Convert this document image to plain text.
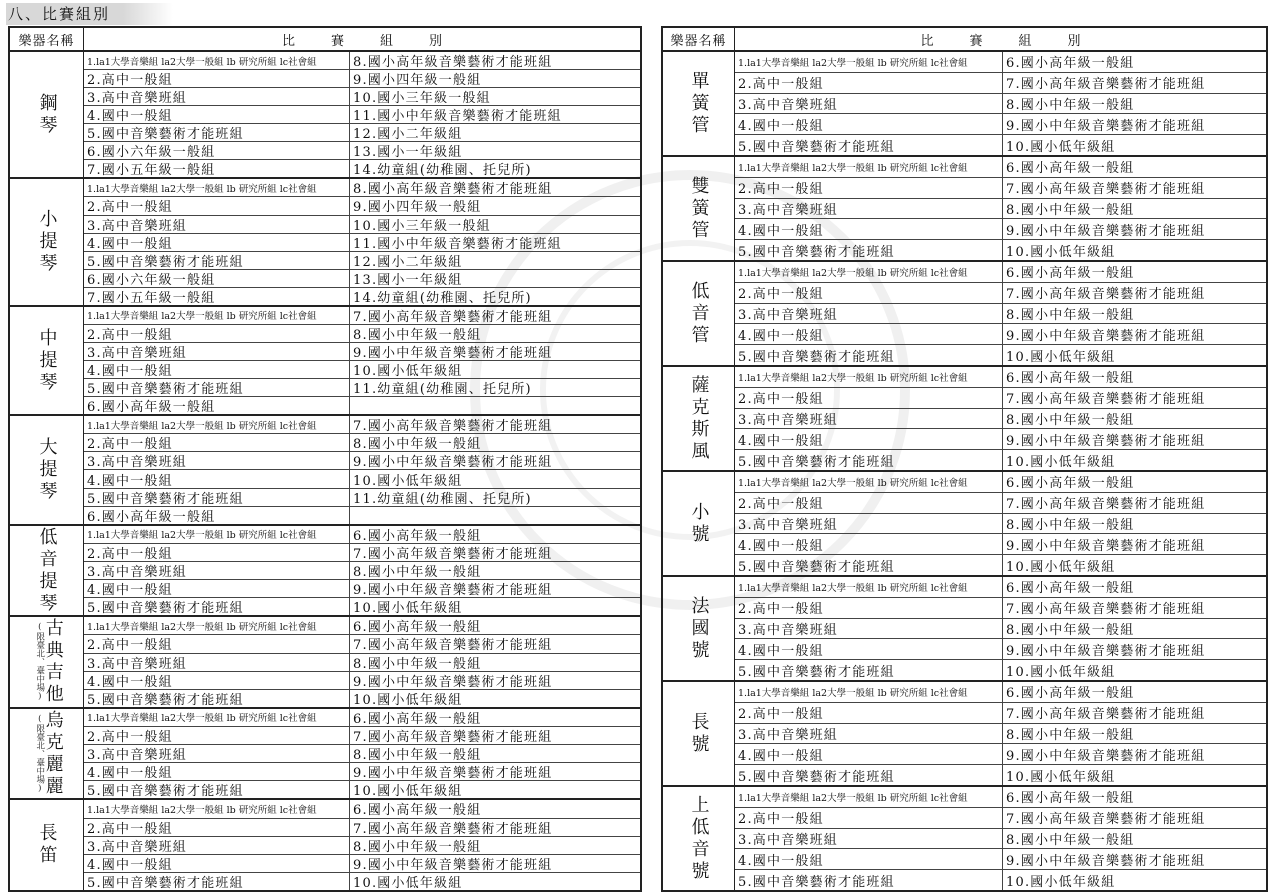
八、比賽組別
樂器名稱	比賽組別
鋼琴
1.la1大學音樂組 la2大學一般組 lb 研究所組 lc社會組	8.國小高年級音樂藝術才能班組
2.高中一般組	9.國小四年級一般組
3.高中音樂班組	10.國小三年級一般組
4.國中一般組	11.國小中年級音樂藝術才能班組
5.國中音樂藝術才能班組	12.國小二年級組
6.國小六年級一般組	13.國小一年級組
7.國小五年級一般組	14.幼童組(幼稚園、托兒所)
小提琴
1.la1大學音樂組 la2大學一般組 lb 研究所組 lc社會組	8.國小高年級音樂藝術才能班組
2.高中一般組	9.國小四年級一般組
3.高中音樂班組	10.國小三年級一般組
4.國中一般組	11.國小中年級音樂藝術才能班組
5.國中音樂藝術才能班組	12.國小二年級組
6.國小六年級一般組	13.國小一年級組
7.國小五年級一般組	14.幼童組(幼稚園、托兒所)
中提琴
1.la1大學音樂組 la2大學一般組 lb 研究所組 lc社會組	7.國小高年級音樂藝術才能班組
2.高中一般組	8.國小中年級一般組
3.高中音樂班組	9.國小中年級音樂藝術才能班組
4.國中一般組	10.國小低年級組
5.國中音樂藝術才能班組	11.幼童組(幼稚園、托兒所)
6.國小高年級一般組
大提琴
1.la1大學音樂組 la2大學一般組 lb 研究所組 lc社會組	7.國小高年級音樂藝術才能班組
2.高中一般組	8.國小中年級一般組
3.高中音樂班組	9.國小中年級音樂藝術才能班組
4.國中一般組	10.國小低年級組
5.國中音樂藝術才能班組	11.幼童組(幼稚園、托兒所)
6.國小高年級一般組
低音提琴	1.la1大學音樂組 la2大學一般組 lb 研究所組 lc社會組	6.國小高年級一般組
2.高中一般組	7.國小高年級音樂藝術才能班組
3.高中音樂班組	8.國小中年級一般組
4.國中一般組	9.國小中年級音樂藝術才能班組
5.國中音樂藝術才能班組	10.國小低年級組
古典吉他
(限臺北、臺中場)	1.la1大學音樂組 la2大學一般組 lb 研究所組 lc社會組	6.國小高年級一般組
2.高中一般組	7.國小高年級音樂藝術才能班組
3.高中音樂班組	8.國小中年級一般組
4.國中一般組	9.國小中年級音樂藝術才能班組
5.國中音樂藝術才能班組	10.國小低年級組
烏克麗麗
(限臺北、臺中場)	1.la1大學音樂組 la2大學一般組 lb 研究所組 lc社會組	6.國小高年級一般組
2.高中一般組	7.國小高年級音樂藝術才能班組
3.高中音樂班組	8.國小中年級一般組
4.國中一般組	9.國小中年級音樂藝術才能班組
5.國中音樂藝術才能班組	10.國小低年級組
長笛
1.la1大學音樂組 la2大學一般組 lb 研究所組 lc社會組	6.國小高年級一般組
2.高中一般組	7.國小高年級音樂藝術才能班組
3.高中音樂班組	8.國小中年級一般組
4.國中一般組	9.國小中年級音樂藝術才能班組
5.國中音樂藝術才能班組	10.國小低年級組
樂器名稱	比賽組別
單簧管
1.la1大學音樂組 la2大學一般組 lb 研究所組 lc社會組	6.國小高年級一般組
2.高中一般組	7.國小高年級音樂藝術才能班組
3.高中音樂班組	8.國小中年級一般組
4.國中一般組	9.國小中年級音樂藝術才能班組
5.國中音樂藝術才能班組	10.國小低年級組
雙簧管
1.la1大學音樂組 la2大學一般組 lb 研究所組 lc社會組	6.國小高年級一般組
2.高中一般組	7.國小高年級音樂藝術才能班組
3.高中音樂班組	8.國小中年級一般組
4.國中一般組	9.國小中年級音樂藝術才能班組
5.國中音樂藝術才能班組	10.國小低年級組
低音管
1.la1大學音樂組 la2大學一般組 lb 研究所組 lc社會組	6.國小高年級一般組
2.高中一般組	7.國小高年級音樂藝術才能班組
3.高中音樂班組	8.國小中年級一般組
4.國中一般組	9.國小中年級音樂藝術才能班組
5.國中音樂藝術才能班組	10.國小低年級組
薩克斯風	1.la1大學音樂組 la2大學一般組 lb 研究所組 lc社會組	6.國小高年級一般組
2.高中一般組	7.國小高年級音樂藝術才能班組
3.高中音樂班組	8.國小中年級一般組
4.國中一般組	9.國小中年級音樂藝術才能班組
5.國中音樂藝術才能班組	10.國小低年級組
小號
1.la1大學音樂組 la2大學一般組 lb 研究所組 lc社會組	6.國小高年級一般組
2.高中一般組	7.國小高年級音樂藝術才能班組
3.高中音樂班組	8.國小中年級一般組
4.國中一般組	9.國小中年級音樂藝術才能班組
5.國中音樂藝術才能班組	10.國小低年級組
法國號
1.la1大學音樂組 la2大學一般組 lb 研究所組 lc社會組	6.國小高年級一般組
2.高中一般組	7.國小高年級音樂藝術才能班組
3.高中音樂班組	8.國小中年級一般組
4.國中一般組	9.國小中年級音樂藝術才能班組
5.國中音樂藝術才能班組	10.國小低年級組
長號
1.la1大學音樂組 la2大學一般組 lb 研究所組 lc社會組	6.國小高年級一般組
2.高中一般組	7.國小高年級音樂藝術才能班組
3.高中音樂班組	8.國小中年級一般組
4.國中一般組	9.國小中年級音樂藝術才能班組
5.國中音樂藝術才能班組	10.國小低年級組
上低音號	1.la1大學音樂組 la2大學一般組 lb 研究所組 lc社會組	6.國小高年級一般組
2.高中一般組	7.國小高年級音樂藝術才能班組
3.高中音樂班組	8.國小中年級一般組
4.國中一般組	9.國小中年級音樂藝術才能班組
5.國中音樂藝術才能班組	10.國小低年級組
